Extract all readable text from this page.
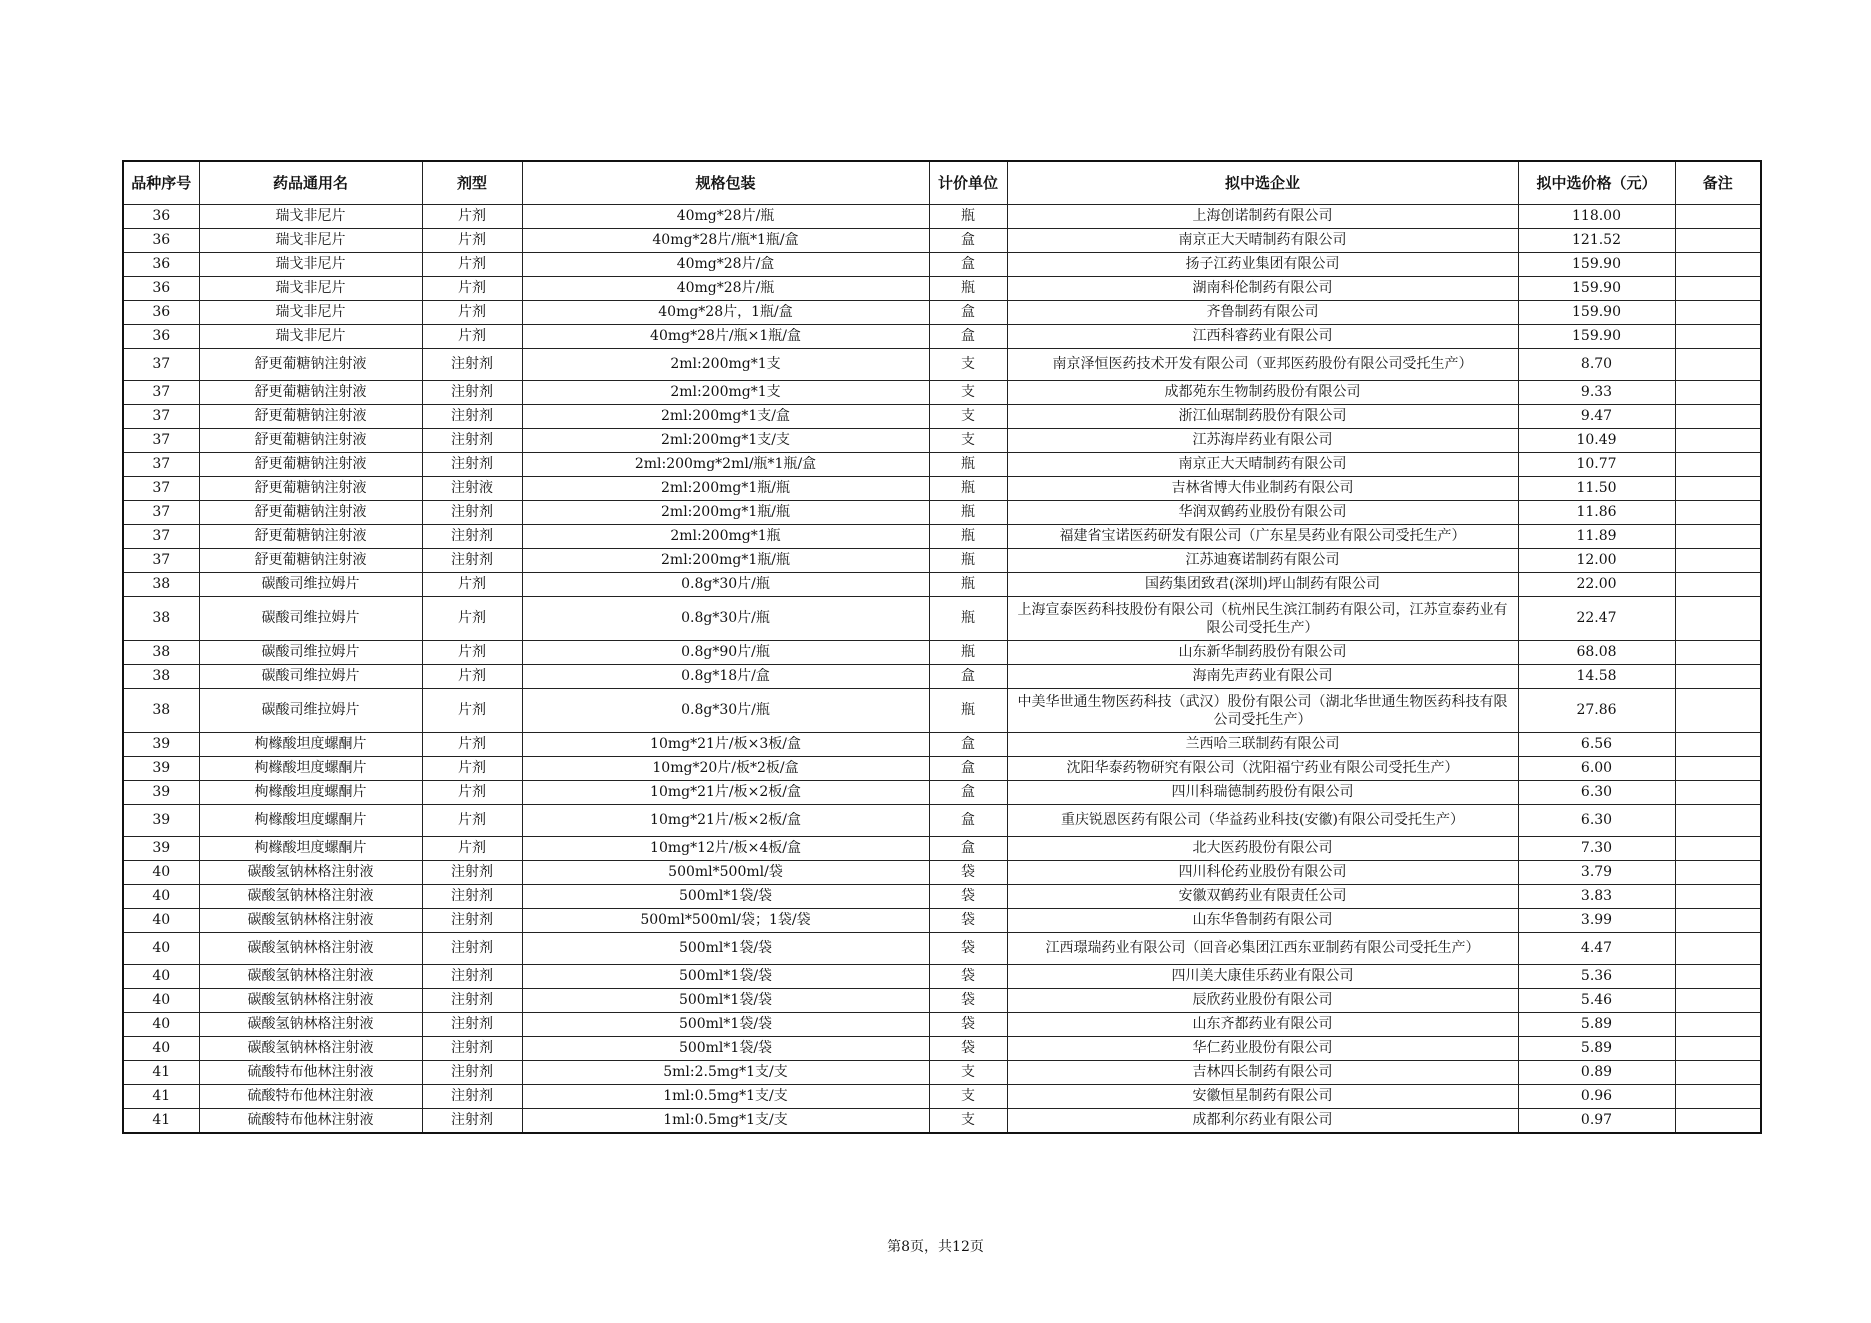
品种序号	药品通用名	剂型	规格包装	计价单位	拟中选企业	拟中选价格（元）	备注
36	瑞戈非尼片	片剂	40mg*28片/瓶	瓶	上海创诺制药有限公司	118.00	
36	瑞戈非尼片	片剂	40mg*28片/瓶*1瓶/盒	盒	南京正大天晴制药有限公司	121.52	
36	瑞戈非尼片	片剂	40mg*28片/盒	盒	扬子江药业集团有限公司	159.90	
36	瑞戈非尼片	片剂	40mg*28片/瓶	瓶	湖南科伦制药有限公司	159.90	
36	瑞戈非尼片	片剂	40mg*28片，1瓶/盒	盒	齐鲁制药有限公司	159.90	
36	瑞戈非尼片	片剂	40mg*28片/瓶×1瓶/盒	盒	江西科睿药业有限公司	159.90	
37	舒更葡糖钠注射液	注射剂	2ml:200mg*1支	支	南京泽恒医药技术开发有限公司（亚邦医药股份有限公司受托生产）	8.70	
37	舒更葡糖钠注射液	注射剂	2ml:200mg*1支	支	成都苑东生物制药股份有限公司	9.33	
37	舒更葡糖钠注射液	注射剂	2ml:200mg*1支/盒	支	浙江仙琚制药股份有限公司	9.47	
37	舒更葡糖钠注射液	注射剂	2ml:200mg*1支/支	支	江苏海岸药业有限公司	10.49	
37	舒更葡糖钠注射液	注射剂	2ml:200mg*2ml/瓶*1瓶/盒	瓶	南京正大天晴制药有限公司	10.77	
37	舒更葡糖钠注射液	注射液	2ml:200mg*1瓶/瓶	瓶	吉林省博大伟业制药有限公司	11.50	
37	舒更葡糖钠注射液	注射剂	2ml:200mg*1瓶/瓶	瓶	华润双鹤药业股份有限公司	11.86	
37	舒更葡糖钠注射液	注射剂	2ml:200mg*1瓶	瓶	福建省宝诺医药研发有限公司（广东星昊药业有限公司受托生产）	11.89	
37	舒更葡糖钠注射液	注射剂	2ml:200mg*1瓶/瓶	瓶	江苏迪赛诺制药有限公司	12.00	
38	碳酸司维拉姆片	片剂	0.8g*30片/瓶	瓶	国药集团致君(深圳)坪山制药有限公司	22.00	
38	碳酸司维拉姆片	片剂	0.8g*30片/瓶	瓶	上海宣泰医药科技股份有限公司（杭州民生滨江制药有限公司，江苏宣泰药业有限公司受托生产）	22.47	
38	碳酸司维拉姆片	片剂	0.8g*90片/瓶	瓶	山东新华制药股份有限公司	68.08	
38	碳酸司维拉姆片	片剂	0.8g*18片/盒	盒	海南先声药业有限公司	14.58	
38	碳酸司维拉姆片	片剂	0.8g*30片/瓶	瓶	中美华世通生物医药科技（武汉）股份有限公司（湖北华世通生物医药科技有限公司受托生产）	27.86	
39	枸橼酸坦度螺酮片	片剂	10mg*21片/板×3板/盒	盒	兰西哈三联制药有限公司	6.56	
39	枸橼酸坦度螺酮片	片剂	10mg*20片/板*2板/盒	盒	沈阳华泰药物研究有限公司（沈阳福宁药业有限公司受托生产）	6.00	
39	枸橼酸坦度螺酮片	片剂	10mg*21片/板×2板/盒	盒	四川科瑞德制药股份有限公司	6.30	
39	枸橼酸坦度螺酮片	片剂	10mg*21片/板×2板/盒	盒	重庆锐恩医药有限公司（华益药业科技(安徽)有限公司受托生产）	6.30	
39	枸橼酸坦度螺酮片	片剂	10mg*12片/板×4板/盒	盒	北大医药股份有限公司	7.30	
40	碳酸氢钠林格注射液	注射剂	500ml*500ml/袋	袋	四川科伦药业股份有限公司	3.79	
40	碳酸氢钠林格注射液	注射剂	500ml*1袋/袋	袋	安徽双鹤药业有限责任公司	3.83	
40	碳酸氢钠林格注射液	注射剂	500ml*500ml/袋；1袋/袋	袋	山东华鲁制药有限公司	3.99	
40	碳酸氢钠林格注射液	注射剂	500ml*1袋/袋	袋	江西璟瑞药业有限公司（回音必集团江西东亚制药有限公司受托生产）	4.47	
40	碳酸氢钠林格注射液	注射剂	500ml*1袋/袋	袋	四川美大康佳乐药业有限公司	5.36	
40	碳酸氢钠林格注射液	注射剂	500ml*1袋/袋	袋	辰欣药业股份有限公司	5.46	
40	碳酸氢钠林格注射液	注射剂	500ml*1袋/袋	袋	山东齐都药业有限公司	5.89	
40	碳酸氢钠林格注射液	注射剂	500ml*1袋/袋	袋	华仁药业股份有限公司	5.89	
41	硫酸特布他林注射液	注射剂	5ml:2.5mg*1支/支	支	吉林四长制药有限公司	0.89	
41	硫酸特布他林注射液	注射剂	1ml:0.5mg*1支/支	支	安徽恒星制药有限公司	0.96	
41	硫酸特布他林注射液	注射剂	1ml:0.5mg*1支/支	支	成都利尔药业有限公司	0.97	
第8页，共12页
